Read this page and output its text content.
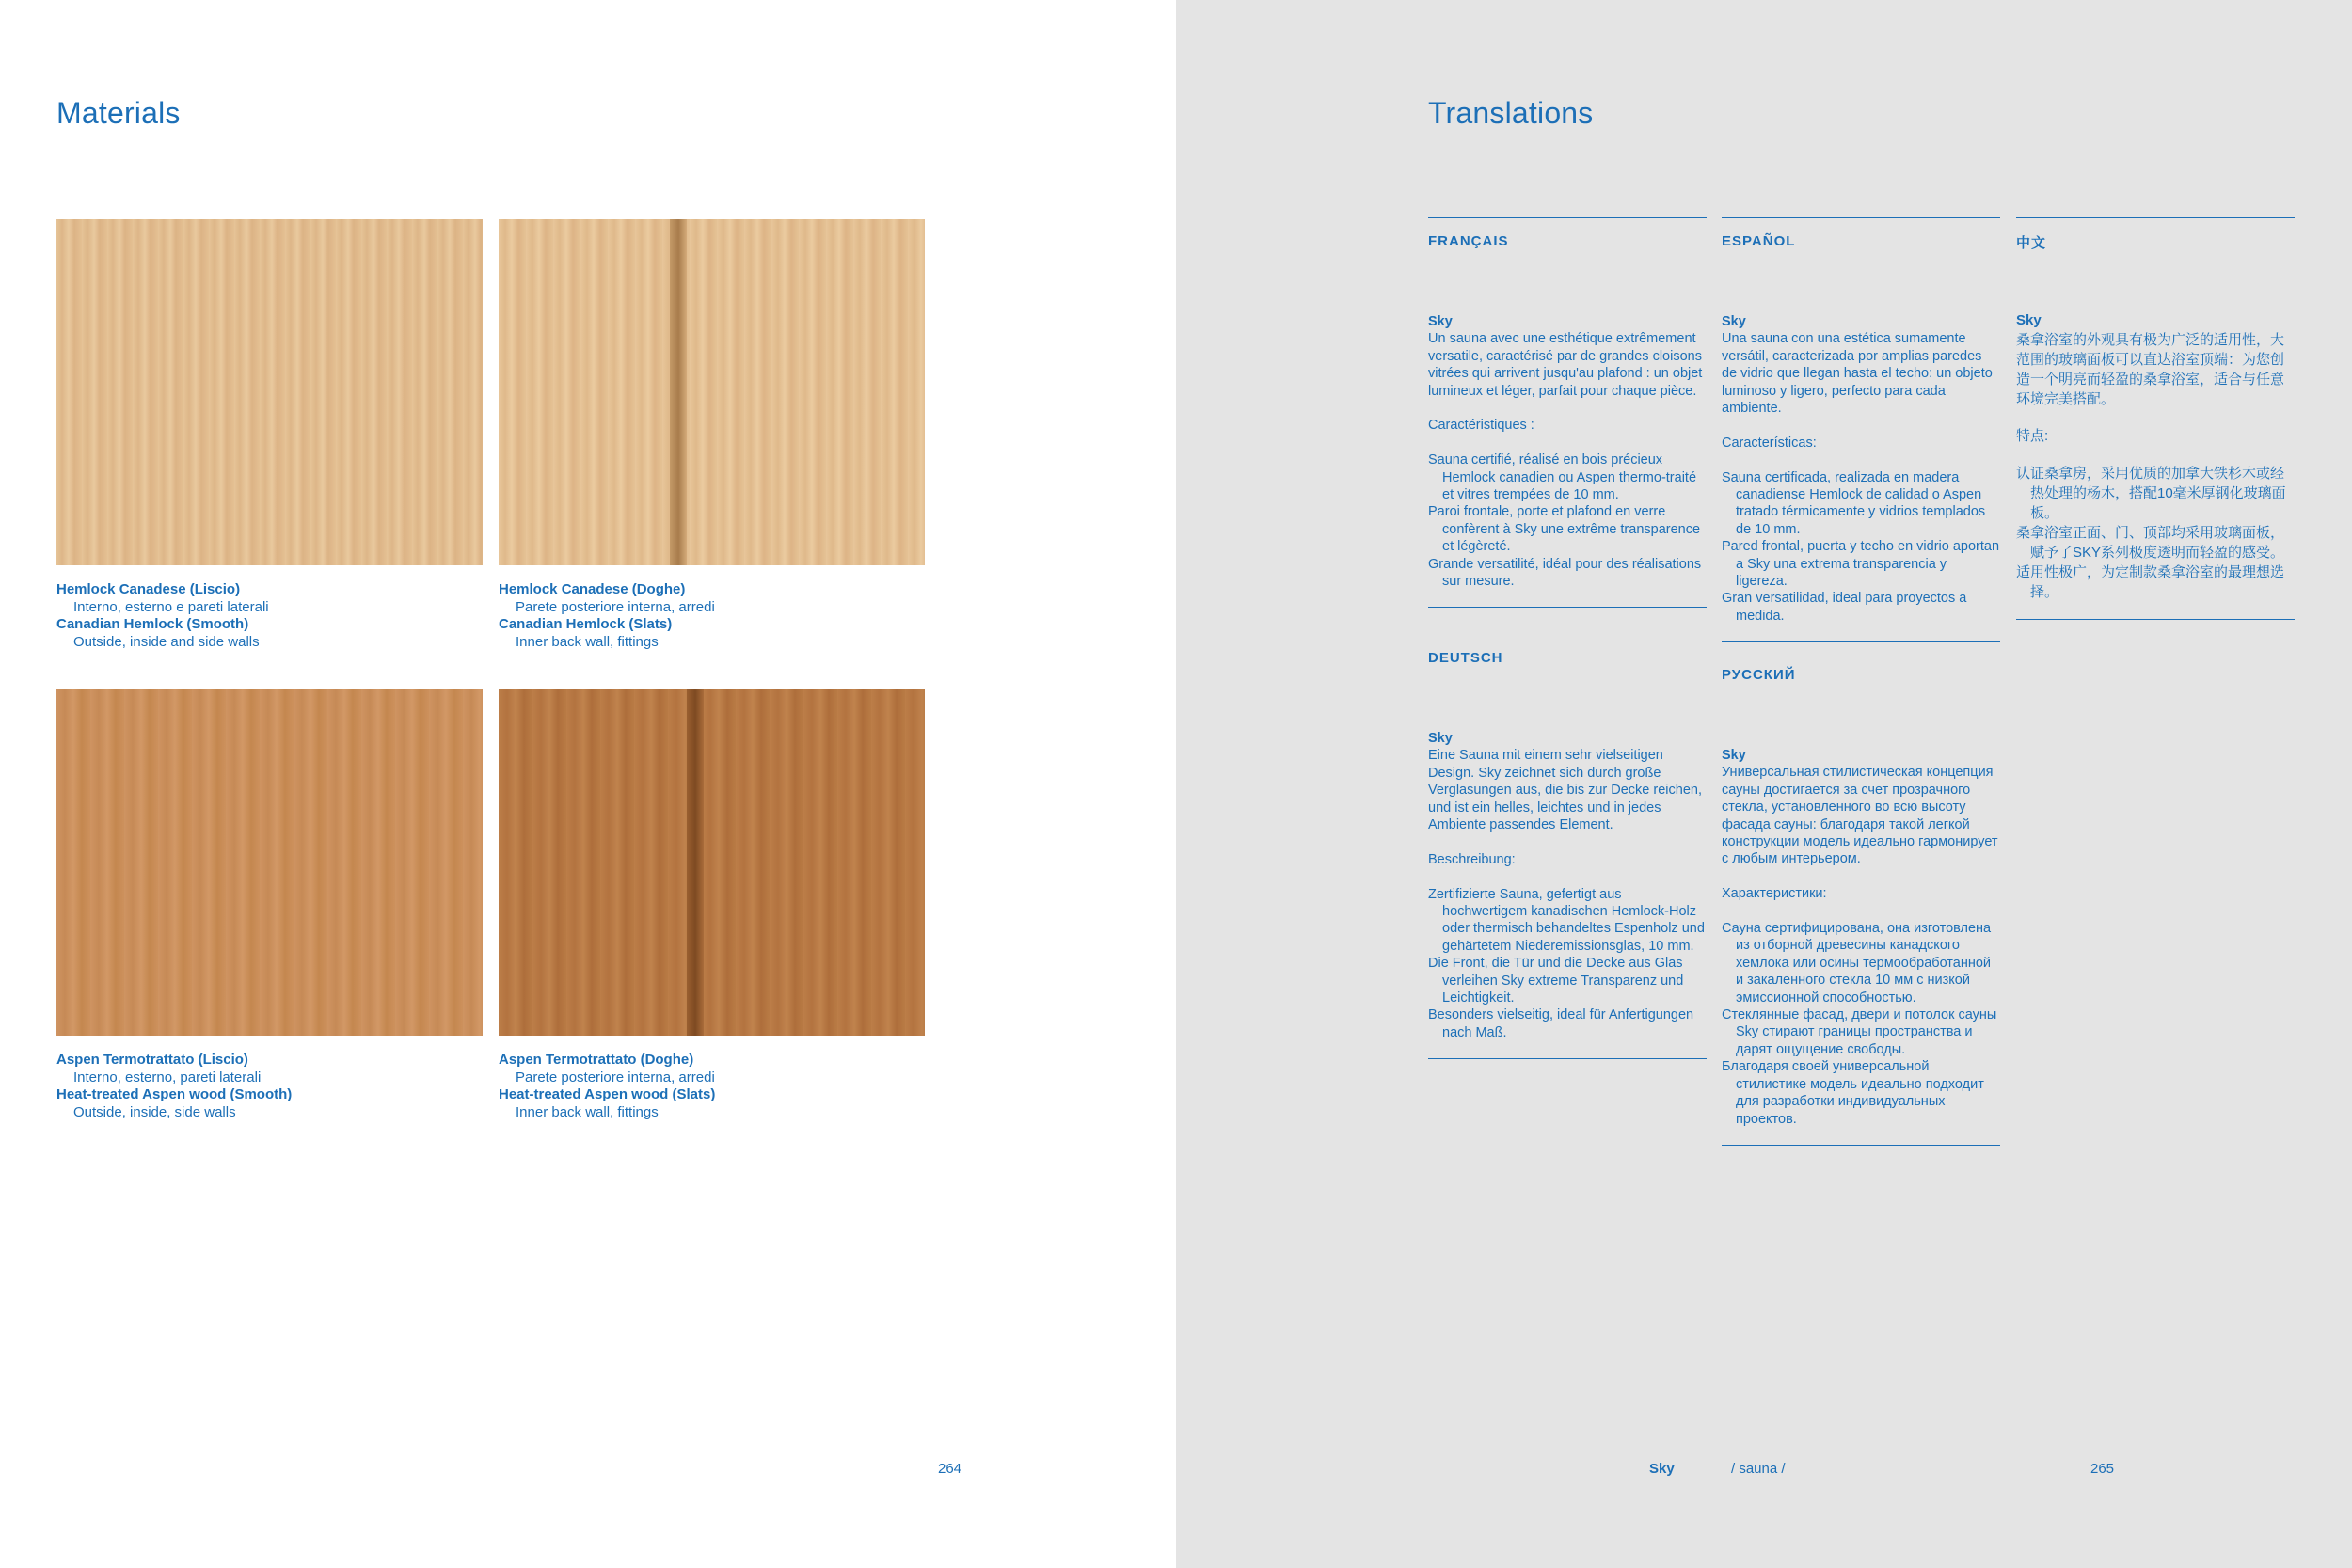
Materials
Hemlock Canadese (Liscio)
Interno, esterno e pareti laterali
Canadian Hemlock (Smooth)
Outside, inside and side walls
Hemlock Canadese (Doghe)
Parete posteriore interna, arredi
Canadian Hemlock (Slats)
Inner back wall, fittings
Aspen Termotrattato (Liscio)
Interno, esterno, pareti laterali
Heat-treated Aspen wood (Smooth)
Outside, inside, side walls
Aspen Termotrattato (Doghe)
Parete posteriore interna, arredi
Heat-treated Aspen wood (Slats)
Inner back wall, fittings
264
Translations
FRANÇAIS

Sky

Un sauna avec une esthétique extrêmement versatile, caractérisé par de grandes cloisons vitrées qui arrivent jusqu'au plafond : un objet lumineux et léger, parfait pour chaque pièce.

Caractéristiques :

Sauna certifié, réalisé en bois précieux Hemlock canadien ou Aspen thermo-traité et vitres trempées de 10 mm.

Paroi frontale, porte et plafond en verre confèrent à Sky une extrême transparence et légèreté.

Grande versatilité, idéal pour des réalisations sur mesure.

DEUTSCH

Sky

Eine Sauna mit einem sehr vielseitigen Design. Sky zeichnet sich durch große Verglasungen aus, die bis zur Decke reichen, und ist ein helles, leichtes und in jedes Ambiente passendes Element.

Beschreibung:

Zertifizierte Sauna, gefertigt aus hochwertigem kanadischen Hemlock-Holz oder thermisch behandeltes Espenholz und gehärtetem Niederemissionsglas, 10 mm.

Die Front, die Tür und die Decke aus Glas verleihen Sky extreme Transparenz und Leichtigkeit.

Besonders vielseitig, ideal für Anfertigungen nach Maß.

ESPAÑOL

Sky

Una sauna con una estética sumamente versátil, caracterizada por amplias paredes de vidrio que llegan hasta el techo: un objeto luminoso y ligero, perfecto para cada ambiente.

Características:

Sauna certificada, realizada en madera canadiense Hemlock de calidad o Aspen tratado térmicamente y vidrios templados de 10 mm.

Pared frontal, puerta y techo en vidrio aportan a Sky una extrema transparencia y ligereza.

Gran versatilidad, ideal para proyectos a medida.

РУССКИЙ

Sky

Универсальная стилистическая концепция сауны достигается за счет прозрачного стекла, установленного во всю высоту фасада сауны: благодаря такой легкой конструкции модель идеально гармонирует с любым интерьером.

Характеристики:

Сауна сертифицирована, она изготовлена из отборной древесины канадского хемлока или осины термообработанной и закаленного стекла 10 мм с низкой эмиссионной способностью.

Стеклянные фасад, двери и потолок сауны Sky стирают границы пространства и дарят ощущение свободы.

Благодаря своей универсальной стилистике модель идеально подходит для разработки индивидуальных проектов.

中文

Sky

桑拿浴室的外观具有极为广泛的适用性，大范围的玻璃面板可以直达浴室顶端：为您创造一个明亮而轻盈的桑拿浴室，适合与任意环境完美搭配。

特点:

认证桑拿房，采用优质的加拿大铁杉木或经热处理的杨木，搭配10毫米厚钢化玻璃面板。

桑拿浴室正面、门、顶部均采用玻璃面板，赋予了SKY系列极度透明而轻盈的感受。

适用性极广，为定制款桑拿浴室的最理想选择。

Sky	/ sauna /	265
